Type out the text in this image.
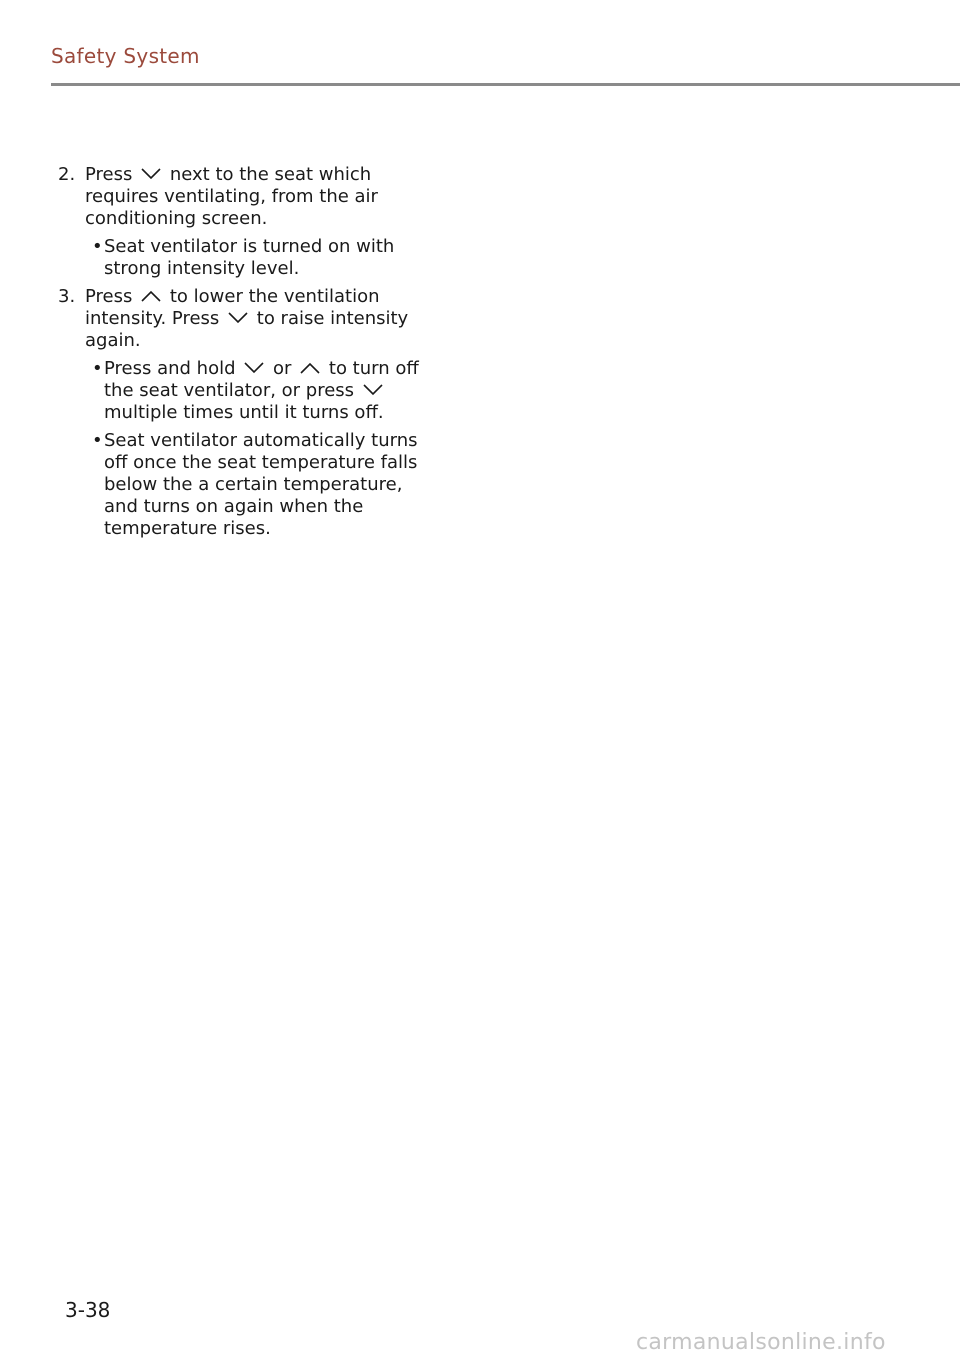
Safety System
2. Press next to the seat which requires ventilating, from the air conditioning screen.
• Seat ventilator is turned on with strong intensity level.
3. Press to lower the ventilation intensity. Press to raise intensity again.
• Press and hold or to turn off the seat ventilator, or press
multiple times until it turns off.
• Seat ventilator automatically turns off once the seat temperature falls below the a certain temperature, and turns on again when the temperature rises.
3-38
carmanualsonline.info
